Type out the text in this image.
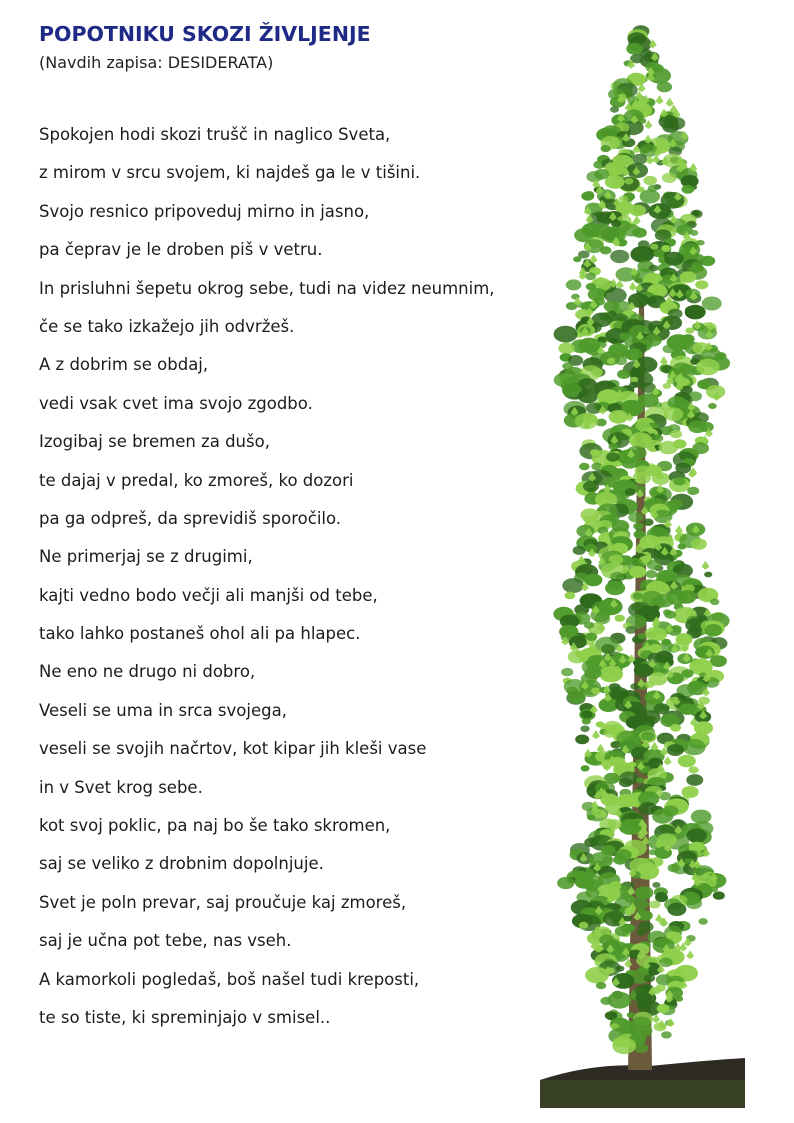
POPOTNIKU SKOZI ŽIVLJENJE
(Navdih zapisa: DESIDERATA)
Spokojen hodi skozi trušč in naglico Sveta,
z mirom v srcu svojem, ki najdeš ga le v tišini.
Svojo resnico pripoveduj mirno in jasno,
pa čeprav je le droben piš v vetru.
In prisluhni šepetu okrog sebe, tudi na videz neumnim,
če se tako izkažejo jih odvržeš.
A z dobrim se obdaj,
vedi vsak cvet ima svojo zgodbo.
Izogibaj se bremen za dušo,
te dajaj v predal, ko zmoreš, ko dozori
pa ga odpreš, da sprevidiš sporočilo.
Ne primerjaj se z drugimi,
kajti vedno bodo večji ali manjši od tebe,
tako lahko postaneš ohol ali pa hlapec.
Ne eno ne drugo ni dobro,
Veseli se uma in srca svojega,
veseli se svojih načrtov, kot kipar jih kleši vase
in v Svet krog sebe.
kot svoj poklic, pa naj bo še tako skromen,
saj se veliko z drobnim dopolnjuje.
Svet je poln prevar, saj proučuje kaj zmoreš,
saj je učna pot tebe, nas vseh.
A kamorkoli pogledaš, boš našel tudi kreposti,
te so tiste, ki spreminjajo v smisel..
